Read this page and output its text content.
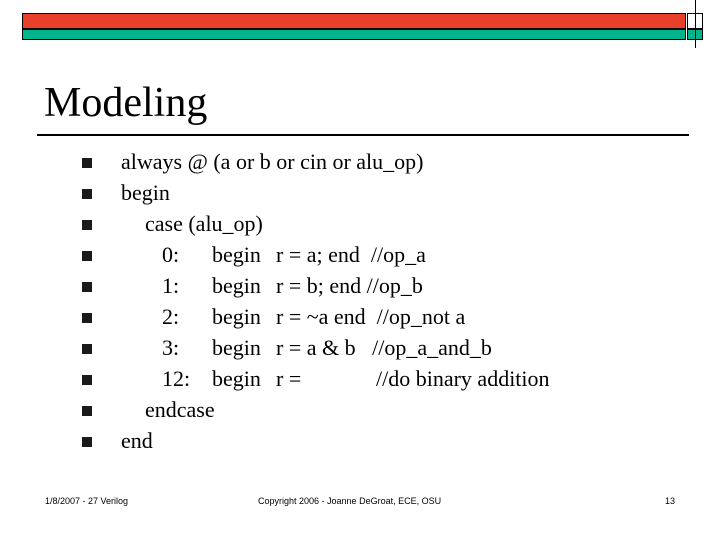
Modeling
always @ (a or b or cin or alu_op)
begin
case (alu_op)
0: begin r = a; end  //op_a
1: begin r = b; end //op_b
2: begin r = ~a end  //op_not a
3: begin r = a & b   //op_a_and_b
12: begin r =	//do binary addition
endcase
end
1/8/2007 - 27 Verilog	Copyright 2006 - Joanne DeGroat, ECE, OSU	13
